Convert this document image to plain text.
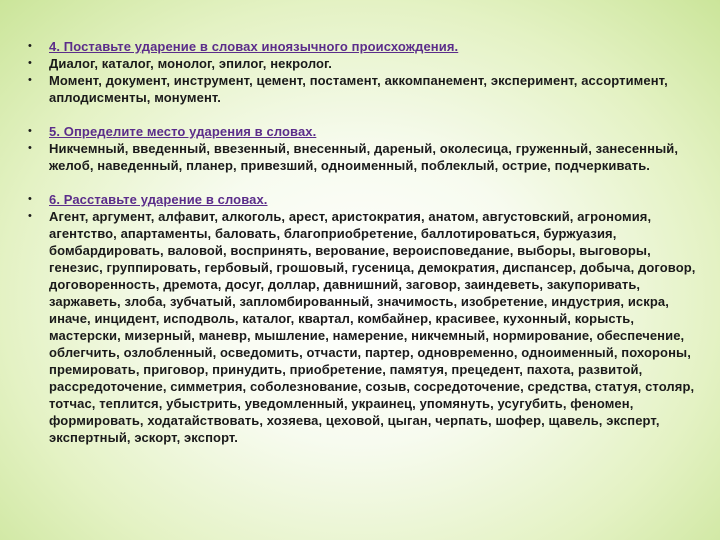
• 4. Поставьте ударение в словах иноязычного происхождения.
• Диалог, каталог, монолог, эпилог, некролог.
• Момент, документ, инструмент, цемент, постамент, аккомпанемент, эксперимент, ассортимент, аплодисменты, монумент.
• 5. Определите место ударения в словах.
• Никчемный, введенный, ввезенный, внесенный, дареный, околесица, груженный, занесенный, желоб, наведенный, планер, привезший, одноименный, поблеклый, острие, подчеркивать.
• 6. Расставьте ударение в словах.
• Агент, аргумент, алфавит, алкоголь, арест, аристократия, анатом, августовский, агрономия, агентство, апартаменты, баловать, благоприобретение, баллотироваться, буржуазия, бомбардировать, валовой, воспринять, верование, вероисповедание, выборы, выговоры, генезис, группировать, гербовый, грошовый, гусеница, демократия, диспансер, добыча, договор, договоренность, дремота, досуг, доллар, давнишний, заговор, заиндеветь, закупоривать, заржаветь, злоба, зубчатый, запломбированный, значимость, изобретение, индустрия, искра, иначе, инцидент, исподволь, каталог, квартал, комбайнер, красивее, кухонный, корысть, мастерски, мизерный, маневр, мышление, намерение, никчемный, нормирование, обеспечение, облегчить, озлобленный, осведомить, отчасти, партер, одновременно, одноименный, похороны, премировать, приговор, принудить, приобретение, памятуя, прецедент, пахота, развитой, рассредоточение, симметрия, соболезнование, созыв, сосредоточение, средства, статуя, столяр, тотчас, теплится, убыстрить, уведомленный, украинец, упомянуть, усугубить, феномен, формировать, ходатайствовать, хозяева, цеховой, цыган, черпать, шофер, щавель, эксперт, экспертный, эскорт, экспорт.
